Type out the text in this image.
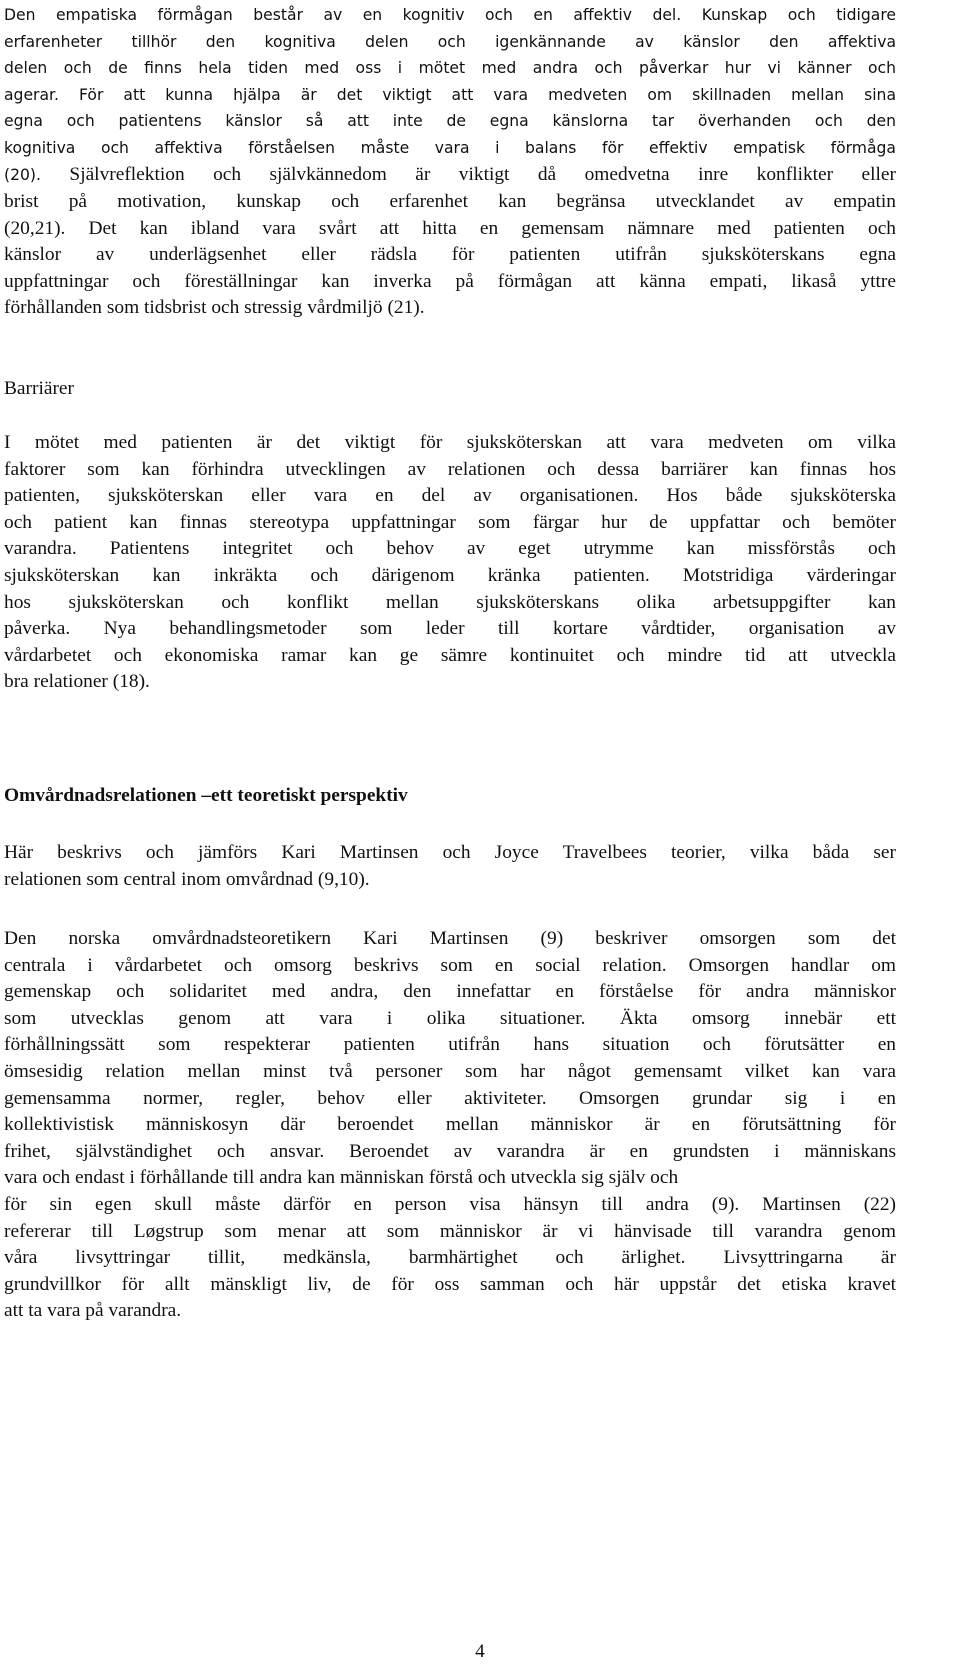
Den empatiska förmågan består av en kognitiv och en affektiv del. Kunskap och tidigare
erfarenheter tillhör den kognitiva delen och igenkännande av känslor den affektiva
delen och de finns hela tiden med oss i mötet med andra och påverkar hur vi känner och
agerar. För att kunna hjälpa är det viktigt att vara medveten om skillnaden mellan sina
egna och patientens känslor så att inte de egna känslorna tar överhanden och den
kognitiva och affektiva förståelsen måste vara i balans för effektiv empatisk förmåga
(20). Självreflektion och självkännedom är viktigt då omedvetna inre konflikter eller
brist på motivation, kunskap och erfarenhet kan begränsa utvecklandet av empatin
(20,21). Det kan ibland vara svårt att hitta en gemensam nämnare med patienten och
känslor av underlägsenhet eller rädsla för patienten utifrån sjuksköterskans egna
uppfattningar och föreställningar kan inverka på förmågan att känna empati, likaså yttre
förhållanden som tidsbrist och stressig vårdmiljö (21).
Barriärer
I mötet med patienten är det viktigt för sjuksköterskan att vara medveten om vilka
faktorer som kan förhindra utvecklingen av relationen och dessa barriärer kan finnas hos
patienten, sjuksköterskan eller vara en del av organisationen. Hos både sjuksköterska
och patient kan finnas stereotypa uppfattningar som färgar hur de uppfattar och bemöter
varandra. Patientens integritet och behov av eget utrymme kan missförstås och
sjuksköterskan kan inkräkta och därigenom kränka patienten. Motstridiga värderingar
hos sjuksköterskan och konflikt mellan sjuksköterskans olika arbetsuppgifter kan
påverka. Nya behandlingsmetoder som leder till kortare vårdtider, organisation av
vårdarbetet och ekonomiska ramar kan ge sämre kontinuitet och mindre tid att utveckla
bra relationer (18).
Omvårdnadsrelationen –ett teoretiskt perspektiv
Här beskrivs och jämförs Kari Martinsen och Joyce Travelbees teorier, vilka båda ser
relationen som central inom omvårdnad (9,10).
Den norska omvårdnadsteoretikern Kari Martinsen (9) beskriver omsorgen som det
centrala i vårdarbetet och omsorg beskrivs som en social relation. Omsorgen handlar om
gemenskap och solidaritet med andra, den innefattar en förståelse för andra människor
som utvecklas genom att vara i olika situationer. Äkta omsorg innebär ett
förhållningssätt som respekterar patienten utifrån hans situation och förutsätter en
ömsesidig relation mellan minst två personer som har något gemensamt vilket kan vara
gemensamma normer, regler, behov eller aktiviteter. Omsorgen grundar sig i en
kollektivistisk människosyn där beroendet mellan människor är en förutsättning för
frihet, självständighet och ansvar. Beroendet av varandra är en grundsten i människans
vara och endast i förhållande till andra kan människan förstå och utveckla sig själv och
för sin egen skull måste därför en person visa hänsyn till andra (9). Martinsen (22)
refererar till Løgstrup som menar att som människor är vi hänvisade till varandra genom
våra livsyttringar tillit, medkänsla, barmhärtighet och ärlighet. Livsyttringarna är
grundvillkor för allt mänskligt liv, de för oss samman och här uppstår det etiska kravet
att ta vara på varandra.
4
